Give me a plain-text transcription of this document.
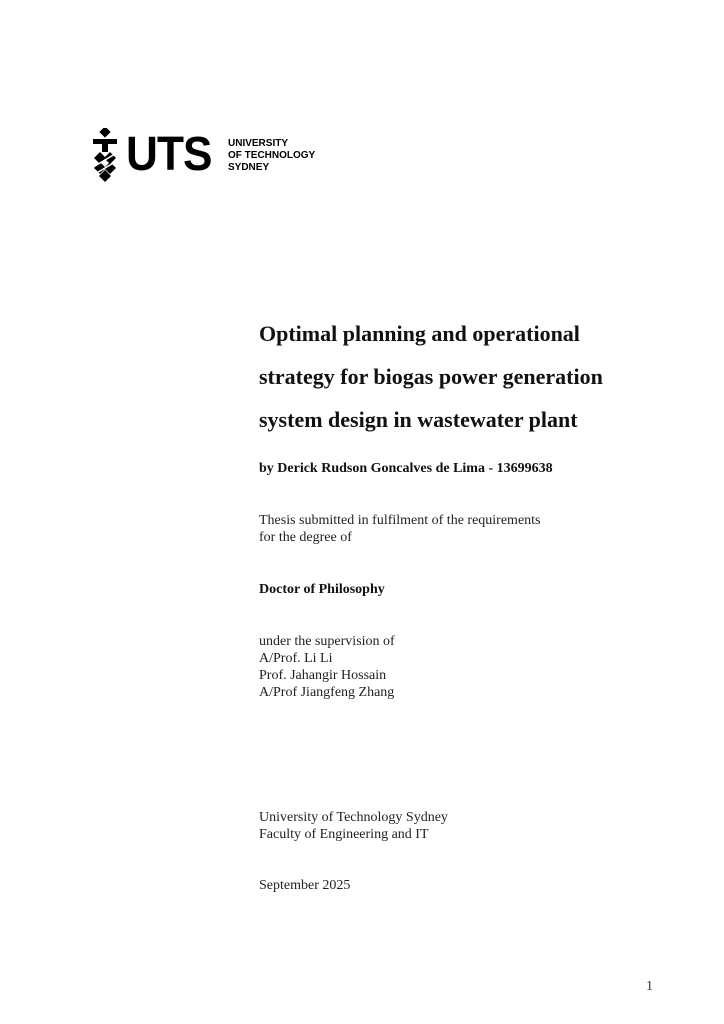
UTS UNIVERSITY
OF TECHNOLOGY
SYDNEY
Optimal planning and operational
strategy for biogas power generation
system design in wastewater plant
by Derick Rudson Goncalves de Lima - 13699638
Thesis submitted in fulfilment of the requirements
for the degree of
Doctor of Philosophy
under the supervision of
A/Prof. Li Li
Prof. Jahangir Hossain
A/Prof Jiangfeng Zhang
University of Technology Sydney
Faculty of Engineering and IT
September 2025
1
